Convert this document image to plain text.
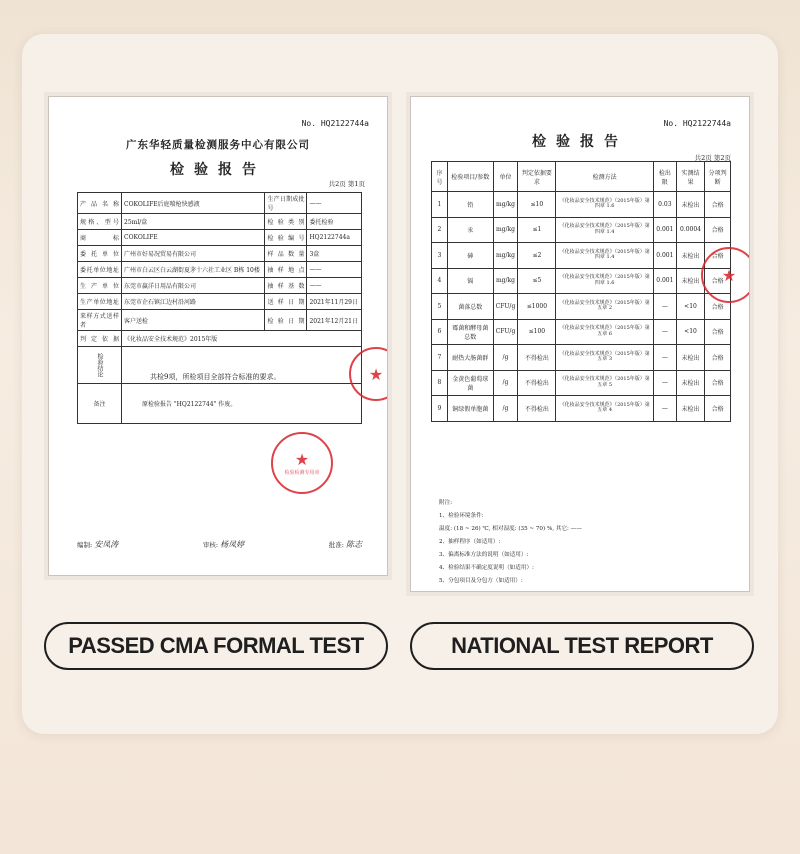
No. HQ2122744a
广东华轻质量检测服务中心有限公司
检验报告
共2页 第1页
产品名称	COKOLIFE后庭喷枪快感液	生产日期成批号	——
规格、型号	25ml/盒	检验类别	委托检验
商标	COKOLIFE	检验编号	HQ2122744a
委托单位	广州市好易况贸易有限公司	样品数量	3盒
委托单位地址	广州市白云区白云湖街夏茅十六社工业区 B栋 10楼	抽样地点	——
生产单位	东莞市赢洋日用品有限公司	抽样基数	——
生产单位地址	东莞市企石镇江边村沿河路	送样日期	2021年11月29日
来样方式送样者	客户送检	检验日期	2021年12月21日
判定依据	《化妆品安全技术规范》2015年版		
检验结论	共检9项，所检项目全部符合标准的要求。		

备注	原检验报告 "HQ2122744" 作废。		
★
检验检测专用章
★
编制: 安凤涛	审核: 杨凤婷	批准: 陈志
No. HQ2122744a
检验报告
共2页 第2页
序号	检验项目/参数	单位	判定依据要求	检测方法	检出限	实测结果	分项判断
1	铅	mg/kg	≤10	《化妆品安全技术规范》（2015年版）第四章 1.6	0.03	未检出	合格
2	汞	mg/kg	≤1	《化妆品安全技术规范》（2015年版）第四章 1.4	0.001	0.0004	合格
3	砷	mg/kg	≤2	《化妆品安全技术规范》（2015年版）第四章 1.4	0.001	未检出	合格
4	镉	mg/kg	≤5	《化妆品安全技术规范》（2015年版）第四章 1.6	0.001	未检出	合格
5	菌落总数	CFU/g	≤1000	《化妆品安全技术规范》（2015年版）第五章 2	—	<10	合格
6	霉菌和酵母菌总数	CFU/g	≤100	《化妆品安全技术规范》（2015年版）第五章 6	—	<10	合格
7	耐热大肠菌群	/g	不得检出	《化妆品安全技术规范》（2015年版）第五章 3	—	未检出	合格
8	金黄色葡萄球菌	/g	不得检出	《化妆品安全技术规范》（2015年版）第五章 5	—	未检出	合格
9	铜绿假单胞菌	/g	不得检出	《化妆品安全技术规范》（2015年版）第五章 4	—	未检出	合格
附注:
1、检验环境条件:
温度: (18 ~ 26) ℃, 相对湿度: (35 ~ 70) %, 其它: ——
2、抽样程序（如适用）:
3、偏离标准方法的说明（如适用）:
4、检验结果不确定度说明（如适用）:
5、分包项目及分包方（如适用）:
★

PASSED CMA FORMAL TEST	NATIONAL TEST REPORT
